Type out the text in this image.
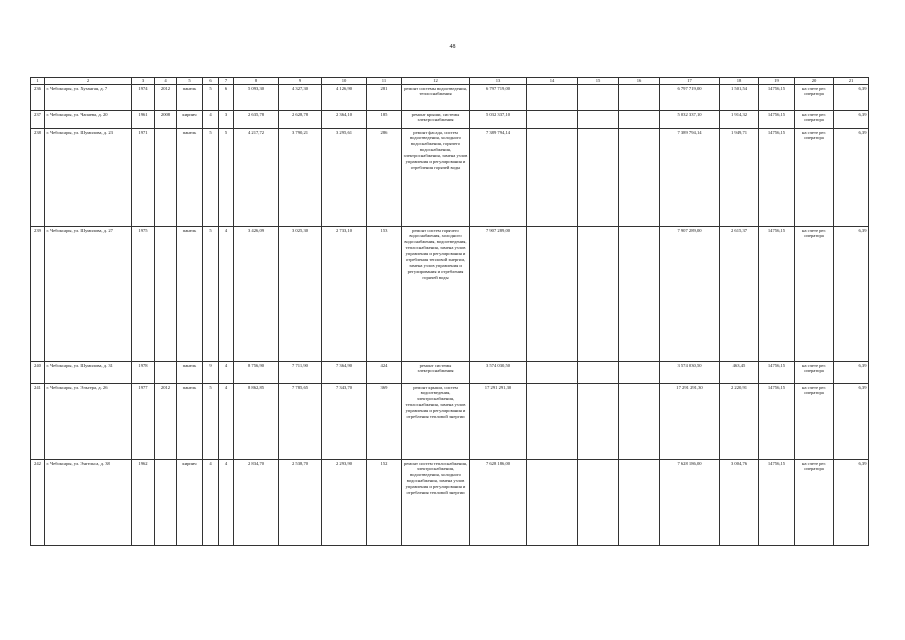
48
1	2	3	4	5	6	7	8	9	10	11	12	13	14	15	16	17	18	19	20	21
236	г. Чебоксары, ул. Хузангая, д. 7	1974	2012	панель	5	6	5 093,30	4 327,30	4 126,90	281	ремонт системы водоотведения, теплоснабжения	6 797 719,00				6 797 719,00	1 501,54	14756,15	на счете рег. оператора	6,39
237	г. Чебоксары, ул. Чапаева, д. 20	1961	2008	кирпич	4	3	2 635,78	2 628,78	2 364,10	185	ремонт крыши, системы электроснабжения	5 032 337,10				5 032 337,10	1 914,32	14756,15	на счете рег. оператора	6,39
238	г. Чебоксары, ул. Шумилова, д. 23	1971		панель	5	5	4 217,72	3 790,21	3 295,61	286	ремонт фасада, систем водоотведения, холодного водоснабжения, горячего водоснабжения, электроснабжения, замена узлов управления и регулирования и отребления горячей воды	7 389 794,14				7 389 794,14	1 949,71	14756,15	на счете рег. оператора	6,39
239	г. Чебоксары, ул. Шумилова, д. 27	1975		панель	5	4	3 426,09	3 025,30	2 733,10	153	ремонт систем горячего водоснабжения, холодного водоснабжения, водоотведения, теплоснабжения, замена узлов управления и регулирования и отребления тепловой энергии, замена узлов управления и регулирования и отребления горячей воды	7 907 289,00				7 907 289,00	2 615,37	14756,15	на счете рег. оператора	6,39
240	г. Чебоксары, ул. Шумилова, д. 31	1978		панель	9	4	8 756,90	7 711,90	7 364,90	424	ремонт системы электроснабжения	3 574 030,50				3 574 030,50	463,45	14756,15	на счете рег. оператора	6,39
241	г. Чебоксары, ул. Эльгера, д. 26	1977	2012	панель	5	4	8 862,85	7 785,65	7 343,70	369	ремонт крыши, систем водоотведения, электроснабжения, теплоснабжения, замена узлов управления и регулирования и отребления тепловой энергии	17 291 291,30				17 291 291,30	2 220,91	14756,15	на счете рег. оператора	6,39
242	г. Чебоксары, ул. Энгельса, д. 38	1962		кирпич	4	4	2 834,70	2 538,70	2 293,90	152	ремонт систем теплоснабжения, электроснабжения, водоотведения, холодного водоснабжения, замена узлов управления и регулирования и отребления тепловой энергии	7 628 186,00				7 628 186,00	3 004,76	14756,15	на счете рег. оператора	6,39
